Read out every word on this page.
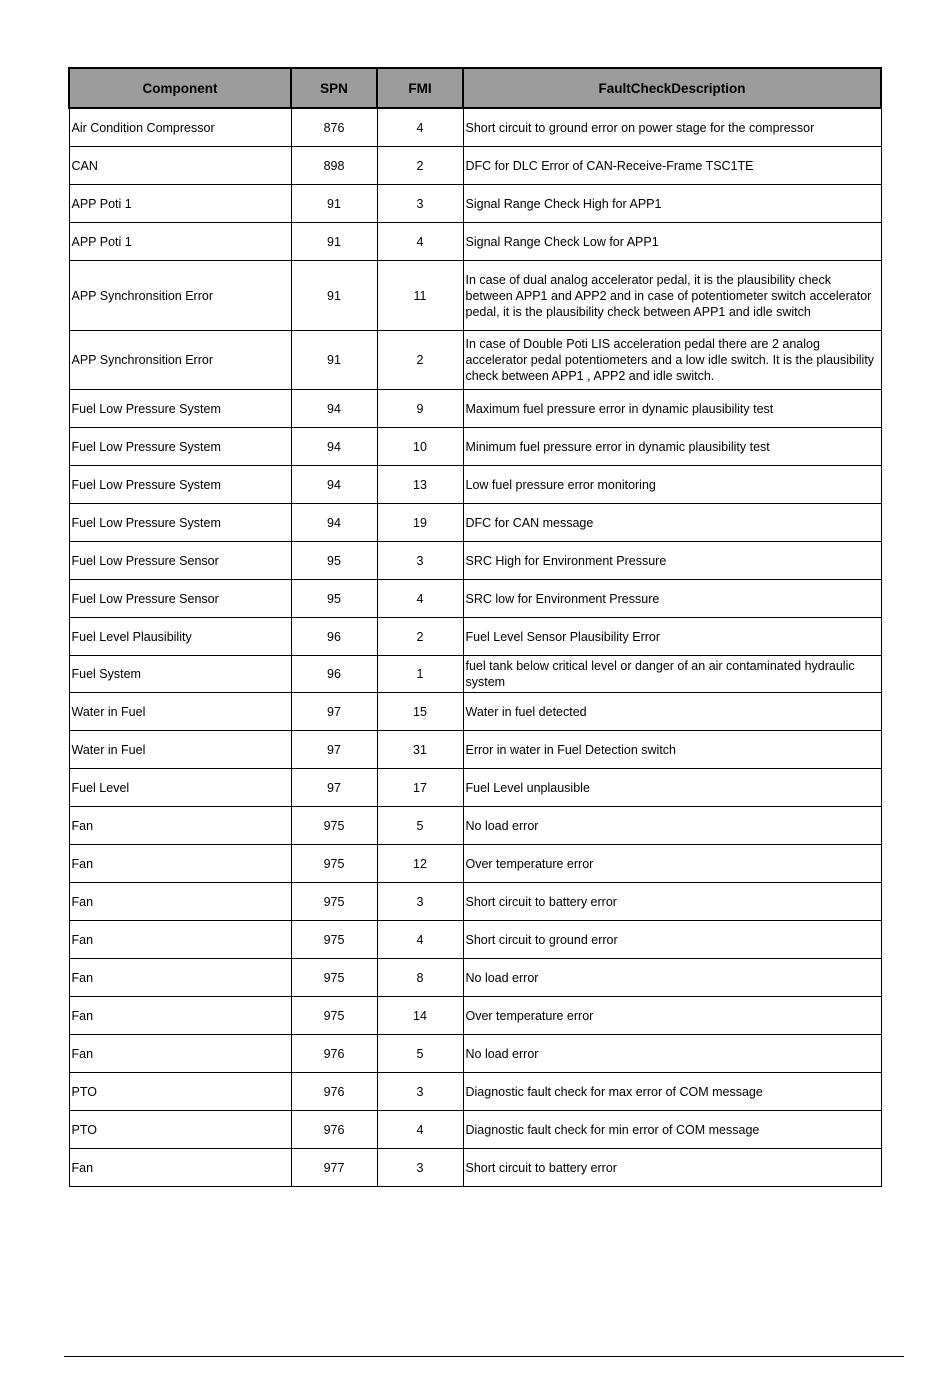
Component	SPN	FMI	FaultCheckDescription
Air Condition Compressor	876	4	Short circuit to ground error on power stage for the compressor
CAN	898	2	DFC for DLC Error of CAN-Receive-Frame TSC1TE
APP Poti 1	91	3	Signal Range Check High for APP1
APP Poti 1	91	4	Signal Range Check Low for APP1
APP Synchronsition Error	91	11	In case of dual analog accelerator pedal, it is the plausibility check between APP1 and APP2 and in case of potentiometer switch accelerator pedal, it is the plausibility check between APP1 and idle switch
APP Synchronsition Error	91	2	In case of Double Poti LIS acceleration pedal there are 2 analog accelerator pedal potentiometers and a low idle switch. It is the plausibility check between APP1 , APP2 and idle switch.
Fuel Low Pressure System	94	9	Maximum fuel pressure error in dynamic plausibility test
Fuel Low Pressure System	94	10	Minimum fuel pressure error in dynamic plausibility test
Fuel Low Pressure System	94	13	Low fuel pressure error monitoring
Fuel Low Pressure System	94	19	DFC for CAN message
Fuel Low Pressure Sensor	95	3	SRC High for Environment Pressure
Fuel Low Pressure Sensor	95	4	SRC low for Environment Pressure
Fuel Level Plausibility	96	2	Fuel Level Sensor Plausibility Error
Fuel System	96	1	fuel tank below critical level or danger of an air contaminated hydraulic system
Water in Fuel	97	15	Water in fuel detected
Water in Fuel	97	31	Error in water in Fuel Detection switch
Fuel Level	97	17	Fuel Level unplausible
Fan	975	5	No load error
Fan	975	12	Over temperature error
Fan	975	3	Short circuit to battery error
Fan	975	4	Short circuit to ground error
Fan	975	8	No load error
Fan	975	14	Over temperature error
Fan	976	5	No load error
PTO	976	3	Diagnostic fault check for max error of COM message
PTO	976	4	Diagnostic fault check for min error of COM message
Fan	977	3	Short circuit to battery error
